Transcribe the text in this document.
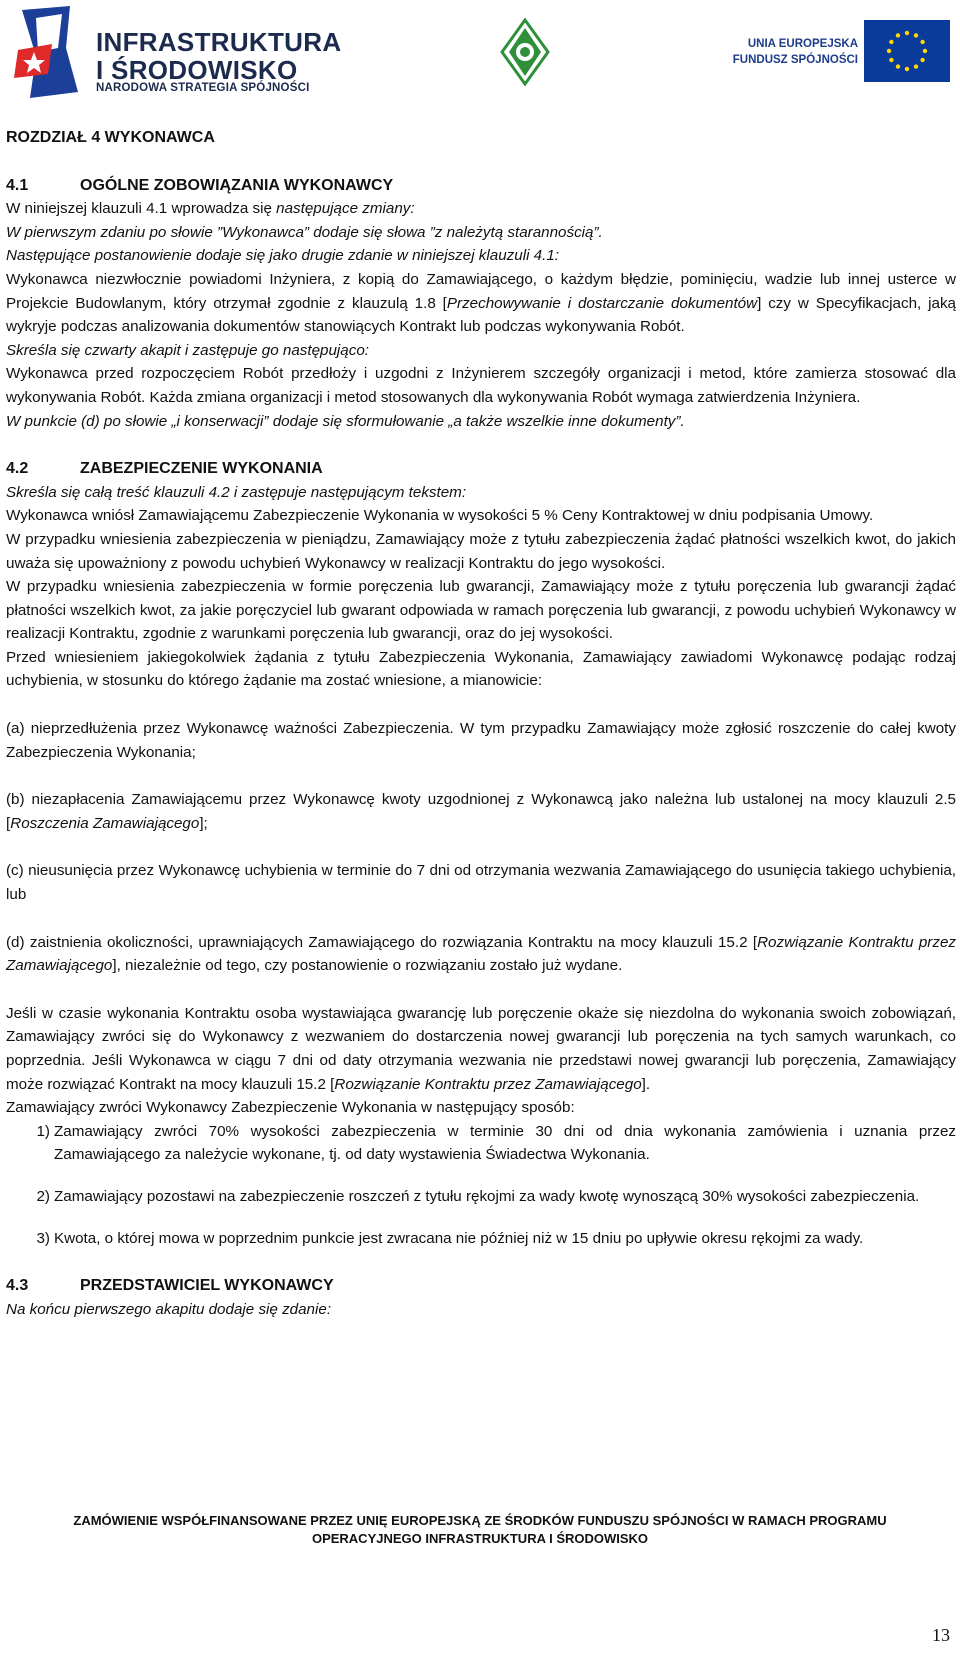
INFRASTRUKTURA
I ŚRODOWISKO
NARODOWA STRATEGIA SPÓJNOŚCI
UNIA EUROPEJSKA
FUNDUSZ SPÓJNOŚCI

ROZDZIAŁ 4 WYKONAWCA

4.1	OGÓLNE ZOBOWIĄZANIA WYKONAWCY

W niniejszej klauzuli 4.1 wprowadza się następujące zmiany:

W pierwszym zdaniu po słowie ”Wykonawca” dodaje się słowa ”z należytą starannością”.

Następujące postanowienie dodaje się jako drugie zdanie w niniejszej klauzuli 4.1:

Wykonawca niezwłocznie powiadomi Inżyniera, z kopią do Zamawiającego, o każdym błędzie, pominięciu, wadzie lub innej usterce w Projekcie Budowlanym, który otrzymał zgodnie z klauzulą 1.8 [Przechowywanie i dostarczanie dokumentów] czy w Specyfikacjach, jaką wykryje podczas analizowania dokumentów stanowiących Kontrakt lub podczas wykonywania Robót.

Skreśla się czwarty akapit i zastępuje go następująco:

Wykonawca przed rozpoczęciem Robót przedłoży i uzgodni z Inżynierem szczegóły organizacji i metod, które zamierza stosować dla wykonywania Robót. Każda zmiana organizacji i metod stosowanych dla wykonywania Robót wymaga zatwierdzenia Inżyniera.

W punkcie (d) po słowie „i konserwacji” dodaje się sformułowanie „a także wszelkie inne dokumenty”.

4.2	ZABEZPIECZENIE WYKONANIA

Skreśla się całą treść klauzuli 4.2 i zastępuje następującym tekstem:

Wykonawca wniósł Zamawiającemu Zabezpieczenie Wykonania w wysokości 5 % Ceny Kontraktowej w dniu podpisania Umowy.

W przypadku wniesienia zabezpieczenia w pieniądzu, Zamawiający może z tytułu zabezpieczenia żądać płatności wszelkich kwot, do jakich uważa się upoważniony z powodu uchybień Wykonawcy w realizacji Kontraktu do jego wysokości.

W przypadku wniesienia zabezpieczenia w formie poręczenia lub gwarancji, Zamawiający może z tytułu poręczenia lub gwarancji żądać płatności wszelkich kwot, za jakie poręczyciel lub gwarant odpowiada w ramach poręczenia lub gwarancji, z powodu uchybień Wykonawcy w realizacji Kontraktu, zgodnie z warunkami poręczenia lub gwarancji, oraz do jej wysokości.

Przed wniesieniem jakiegokolwiek żądania z tytułu Zabezpieczenia Wykonania, Zamawiający zawiadomi Wykonawcę podając rodzaj uchybienia, w stosunku do którego żądanie ma zostać wniesione, a mianowicie:

(a) nieprzedłużenia przez Wykonawcę ważności Zabezpieczenia. W tym przypadku Zamawiający może zgłosić roszczenie do całej kwoty Zabezpieczenia Wykonania;

(b) niezapłacenia Zamawiającemu przez Wykonawcę kwoty uzgodnionej z Wykonawcą jako należna lub ustalonej na mocy klauzuli 2.5 [Roszczenia Zamawiającego];

(c) nieusunięcia przez Wykonawcę uchybienia w terminie do 7 dni od otrzymania wezwania Zamawiającego do usunięcia takiego uchybienia, lub

(d) zaistnienia okoliczności, uprawniających Zamawiającego do rozwiązania Kontraktu na mocy klauzuli 15.2 [Rozwiązanie Kontraktu przez Zamawiającego], niezależnie od tego, czy postanowienie o rozwiązaniu zostało już wydane.

Jeśli w czasie wykonania Kontraktu osoba wystawiająca gwarancję lub poręczenie okaże się niezdolna do wykonania swoich zobowiązań, Zamawiający zwróci się do Wykonawcy z wezwaniem do dostarczenia nowej gwarancji lub poręczenia na tych samych warunkach, co poprzednia. Jeśli Wykonawca w ciągu 7 dni od daty otrzymania wezwania nie przedstawi nowej gwarancji lub poręczenia, Zamawiający może rozwiązać Kontrakt na mocy klauzuli 15.2 [Rozwiązanie Kontraktu przez Zamawiającego].

Zamawiający zwróci Wykonawcy Zabezpieczenie Wykonania w następujący sposób:

1) Zamawiający zwróci 70% wysokości zabezpieczenia w terminie 30 dni od dnia wykonania zamówienia i uznania przez Zamawiającego za należycie wykonane, tj. od daty wystawienia Świadectwa Wykonania.
2) Zamawiający pozostawi na zabezpieczenie roszczeń z tytułu rękojmi za wady kwotę wynoszącą 30% wysokości zabezpieczenia.
3) Kwota, o której mowa w poprzednim punkcie jest zwracana nie później niż w 15 dniu po upływie okresu rękojmi za wady.
4.3	PRZEDSTAWICIEL WYKONAWCY

Na końcu pierwszego akapitu dodaje się zdanie:

ZAMÓWIENIE WSPÓŁFINANSOWANE PRZEZ UNIĘ EUROPEJSKĄ ZE ŚRODKÓW FUNDUSZU SPÓJNOŚCI W RAMACH PROGRAMU
OPERACYJNEGO INFRASTRUKTURA I ŚRODOWISKO
13
